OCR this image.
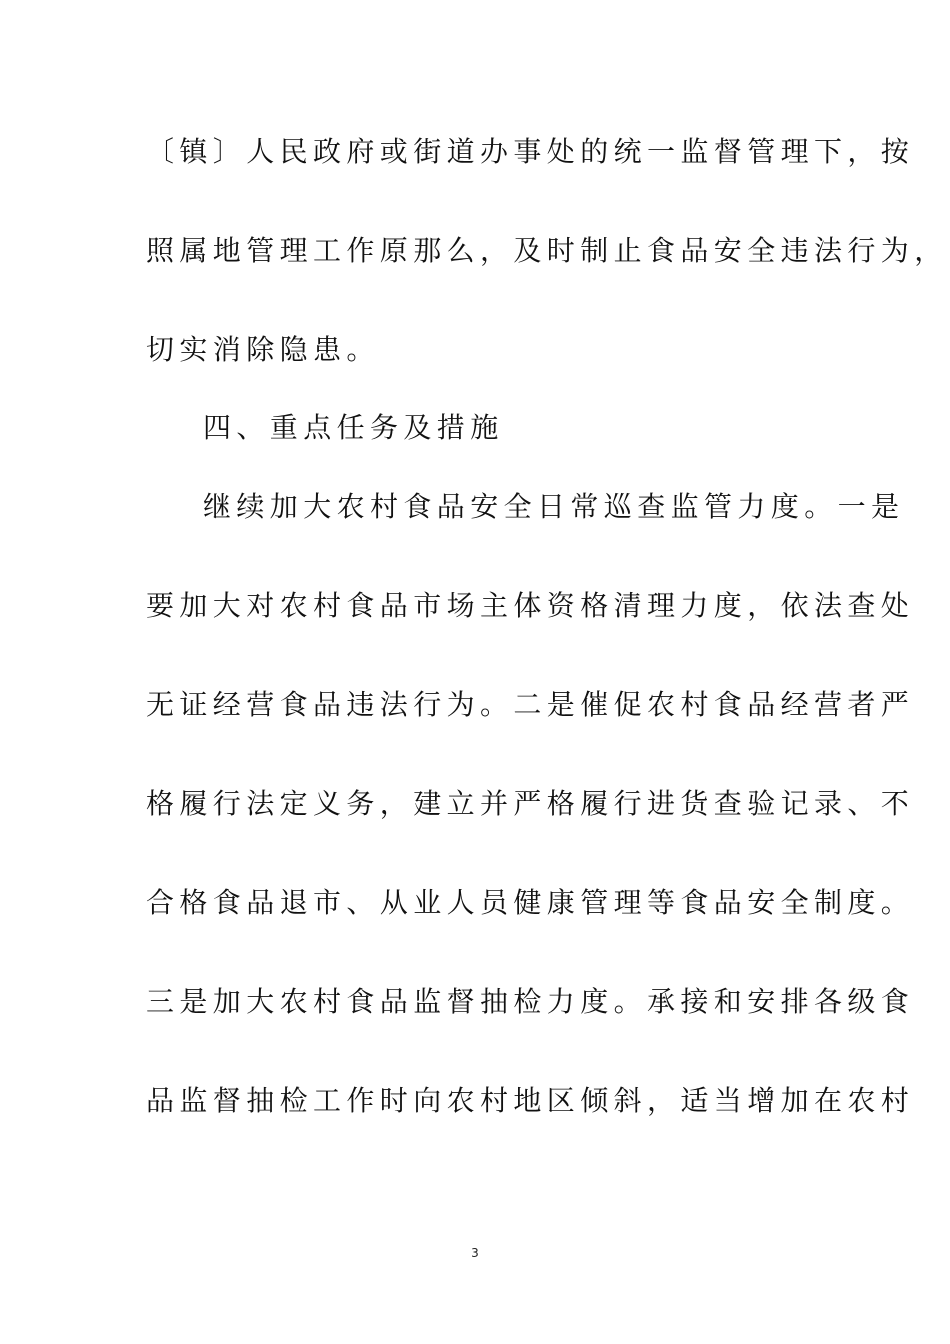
〔镇〕人民政府或街道办事处的统一监督管理下，按
照属地管理工作原那么，及时制止食品安全违法行为，
切实消除隐患。
四、重点任务及措施
继续加大农村食品安全日常巡查监管力度。一是
要加大对农村食品市场主体资格清理力度，依法查处
无证经营食品违法行为。二是催促农村食品经营者严
格履行法定义务，建立并严格履行进货查验记录、不
合格食品退市、从业人员健康管理等食品安全制度。
三是加大农村食品监督抽检力度。承接和安排各级食
品监督抽检工作时向农村地区倾斜，适当增加在农村
3
